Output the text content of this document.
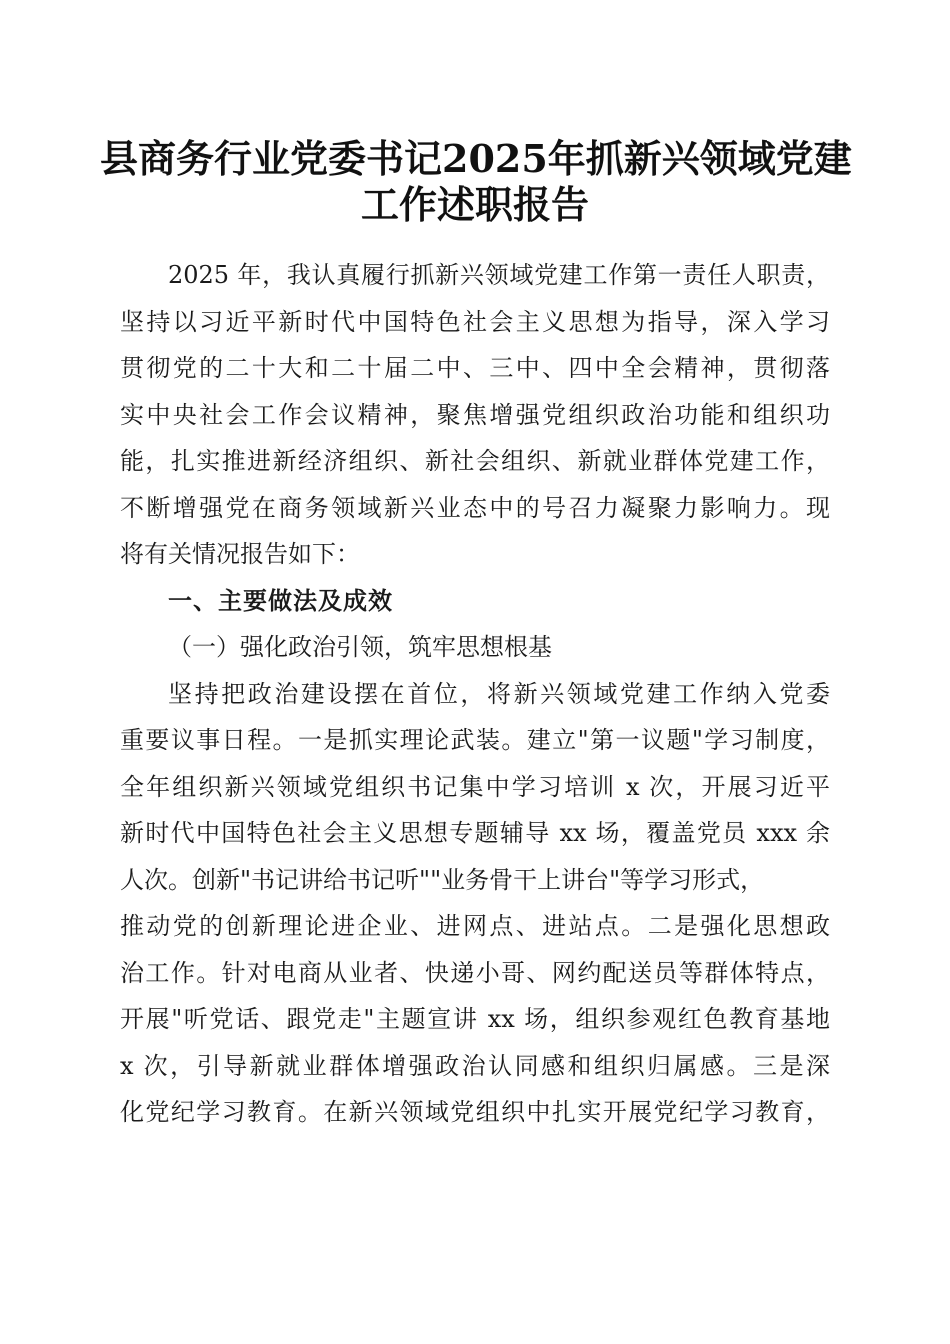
县商务行业党委书记2025年抓新兴领域党建
工作述职报告
2025 年，我认真履行抓新兴领域党建工作第一责任人职责，
坚持以习近平新时代中国特色社会主义思想为指导，深入学习
贯彻党的二十大和二十届二中、三中、四中全会精神，贯彻落
实中央社会工作会议精神，聚焦增强党组织政治功能和组织功
能，扎实推进新经济组织、新社会组织、新就业群体党建工作，
不断增强党在商务领域新兴业态中的号召力凝聚力影响力。现
将有关情况报告如下：
一、主要做法及成效
（一）强化政治引领，筑牢思想根基
坚持把政治建设摆在首位，将新兴领域党建工作纳入党委
重要议事日程。一是抓实理论武装。建立"第一议题"学习制度，
全年组织新兴领域党组织书记集中学习培训 x 次，开展习近平
新时代中国特色社会主义思想专题辅导 xx 场，覆盖党员 xxx 余
人次。创新"书记讲给书记听""业务骨干上讲台"等学习形式，
推动党的创新理论进企业、进网点、进站点。二是强化思想政
治工作。针对电商从业者、快递小哥、网约配送员等群体特点，
开展"听党话、跟党走"主题宣讲 xx 场，组织参观红色教育基地
x 次，引导新就业群体增强政治认同感和组织归属感。三是深
化党纪学习教育。在新兴领域党组织中扎实开展党纪学习教育，
